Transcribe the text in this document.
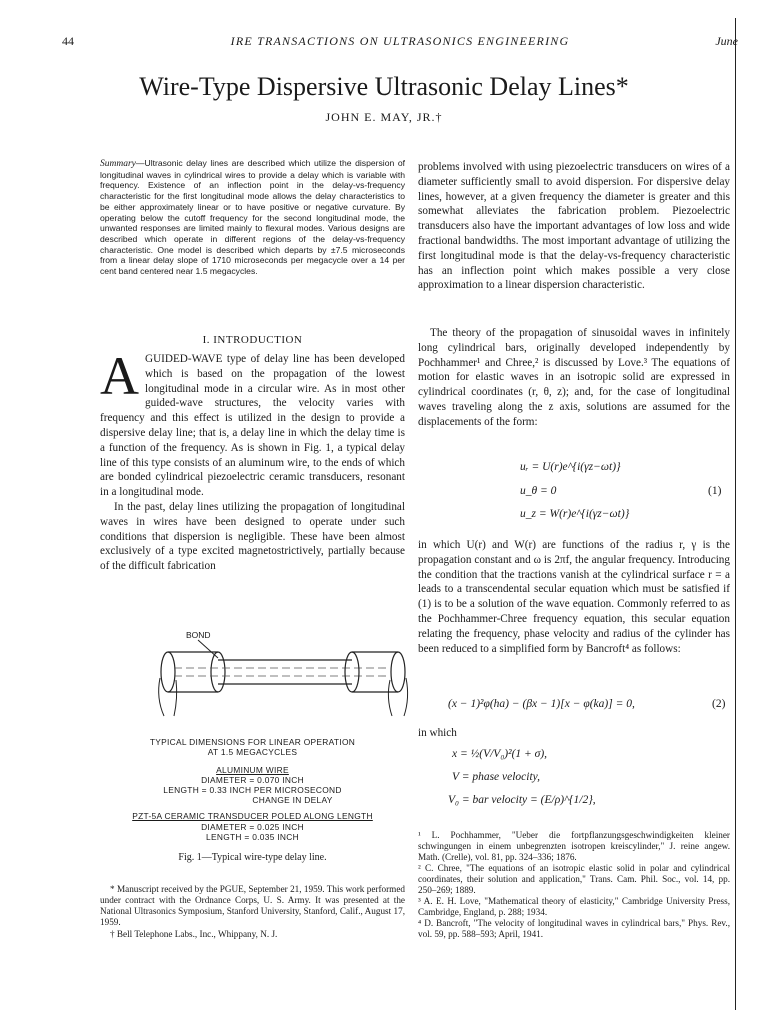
44	IRE TRANSACTIONS ON ULTRASONICS ENGINEERING	June
Wire-Type Dispersive Ultrasonic Delay Lines*
JOHN E. MAY, JR.†
Summary—Ultrasonic delay lines are described which utilize the dispersion of longitudinal waves in cylindrical wires to provide a delay which is variable with frequency. Existence of an inflection point in the delay-vs-frequency characteristic for the first longitudinal mode allows the delay characteristics to be either approximately linear or to have positive or negative curvature. By operating below the cutoff frequency for the second longitudinal mode, the unwanted responses are limited mainly to flexural modes. Various designs are described which operate in different regions of the delay-vs-frequency characteristic. One model is described which departs by ±7.5 microseconds from a linear delay slope of 1710 microseconds per megacycle over a 14 per cent band centered near 1.5 megacycles.
I. INTRODUCTION
A GUIDED-WAVE type of delay line has been developed which is based on the propagation of the lowest longitudinal mode in a circular wire. As in most other guided-wave structures, the velocity varies with frequency and this effect is utilized in the design to provide a dispersive delay line; that is, a delay line in which the delay time is a function of the frequency. As is shown in Fig. 1, a typical delay line of this type consists of an aluminum wire, to the ends of which are bonded cylindrical piezoelectric ceramic transducers, resonant in a longitudinal mode.
In the past, delay lines utilizing the propagation of longitudinal waves in wires have been designed to operate under such conditions that dispersion is negligible. These have been almost exclusively of a type excited magnetostrictively, partially because of the difficult fabrication
BOND
TYPICAL DIMENSIONS FOR LINEAR OPERATION
AT 1.5 MEGACYCLES
ALUMINUM WIRE
DIAMETER = 0.070 INCH
LENGTH = 0.33 INCH PER MICROSECOND
CHANGE IN DELAY
PZT-5A CERAMIC TRANSDUCER POLED ALONG LENGTH
DIAMETER = 0.025 INCH
LENGTH = 0.035 INCH
Fig. 1—Typical wire-type delay line.
* Manuscript received by the PGUE, September 21, 1959. This work performed under contract with the Ordnance Corps, U. S. Army. It was presented at the National Ultrasonics Symposium, Stanford University, Stanford, Calif., August 17, 1959.
† Bell Telephone Labs., Inc., Whippany, N. J.
problems involved with using piezoelectric transducers on wires of a diameter sufficiently small to avoid dispersion. For dispersive delay lines, however, at a given frequency the diameter is greater and this somewhat alleviates the fabrication problem. Piezoelectric transducers also have the important advantages of low loss and wide fractional bandwidths. The most important advantage of utilizing the first longitudinal mode is that the delay-vs-frequency characteristic has an inflection point which makes possible a very close approximation to a linear dispersion characteristic.
The theory of the propagation of sinusoidal waves in infinitely long cylindrical bars, originally developed independently by Pochhammer¹ and Chree,² is discussed by Love.³ The equations of motion for elastic waves in an isotropic solid are expressed in cylindrical coordinates (r, θ, z); and, for the case of longitudinal waves traveling along the z axis, solutions are assumed for the displacements of the form:
uᵣ = U(r)e^{i(γz−ωt)}
u_θ = 0	(1)
u_z = W(r)e^{i(γz−ωt)}
in which U(r) and W(r) are functions of the radius r, γ is the propagation constant and ω is 2πf, the angular frequency. Introducing the condition that the tractions vanish at the cylindrical surface r = a leads to a transcendental secular equation which must be satisfied if (1) is to be a solution of the wave equation. Commonly referred to as the Pochhammer-Chree frequency equation, this secular equation relating the frequency, phase velocity and radius of the cylinder has been reduced to a simplified form by Bancroft⁴ as follows:
(x − 1)²φ(ha) − (βx − 1)[x − φ(ka)] = 0,	(2)
in which
x = ½(V/V₀)²(1 + σ),
V = phase velocity,
V₀ = bar velocity = (E/ρ)^{1/2},
¹ L. Pochhammer, "Ueber die fortpflanzungsgeschwindigkeiten kleiner schwingungen in einem unbegrenzten isotropen kreiscylinder," J. reine angew. Math. (Crelle), vol. 81, pp. 324–336; 1876.
² C. Chree, "The equations of an isotropic elastic solid in polar and cylindrical coordinates, their solution and application," Trans. Cam. Phil. Soc., vol. 14, pp. 250–269; 1889.
³ A. E. H. Love, "Mathematical theory of elasticity," Cambridge University Press, Cambridge, England, p. 288; 1934.
⁴ D. Bancroft, "The velocity of longitudinal waves in cylindrical bars," Phys. Rev., vol. 59, pp. 588–593; April, 1941.
